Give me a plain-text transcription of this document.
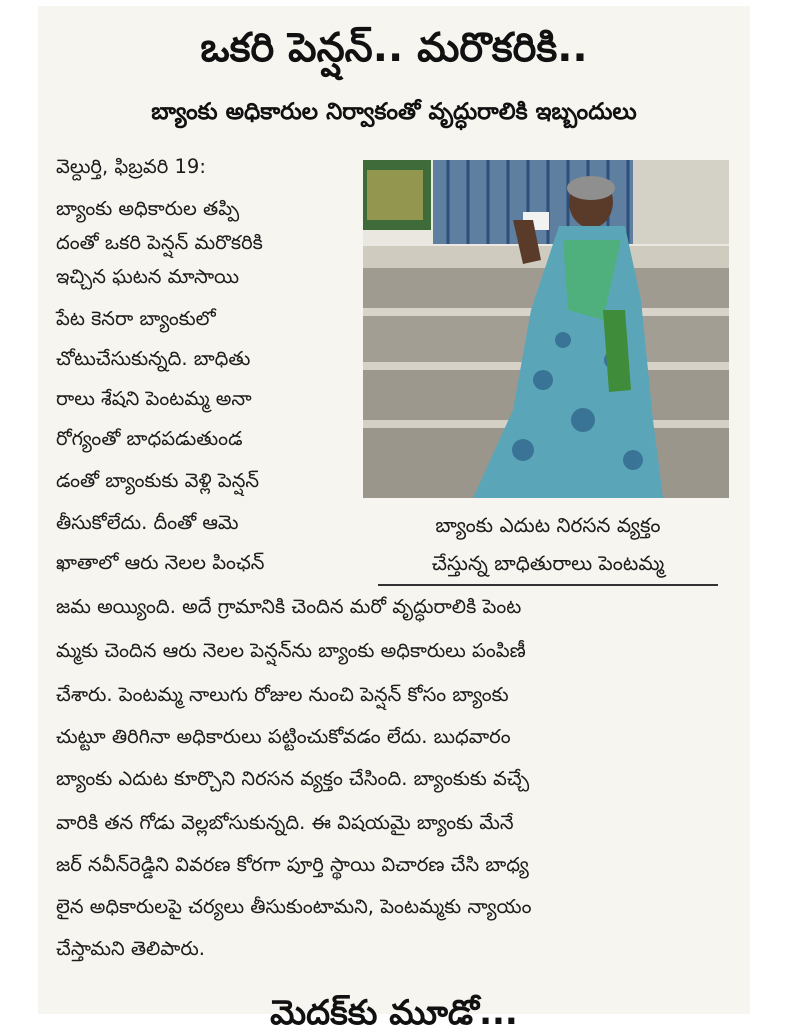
ఒకరి పెన్షన్.. మరొకరికి..
బ్యాంకు అధికారుల నిర్వాకంతో వృద్ధురాలికి ఇబ్బందులు
వెల్దుర్తి, ఫిబ్రవరి 19:
బ్యాంకు అధికారుల తప్పి
దంతో ఒకరి పెన్షన్ మరొకరికి
ఇచ్చిన ఘటన మాసాయి
పేట కెనరా బ్యాంకులో
చోటుచేసుకున్నది. బాధితు
రాలు శేషని పెంటమ్మ అనా
రోగ్యంతో బాధపడుతుండ
డంతో బ్యాంకుకు వెళ్లి పెన్షన్
తీసుకోలేదు. దీంతో ఆమె
ఖాతాలో ఆరు నెలల పింఛన్
బ్యాంకు ఎదుట నిరసన వ్యక్తం
చేస్తున్న బాధితురాలు పెంటమ్మ
జమ అయ్యింది. అదే గ్రామానికి చెందిన మరో వృద్ధురాలికి పెంట
మ్మకు చెందిన ఆరు నెలల పెన్షన్‌ను బ్యాంకు అధికారులు పంపిణీ
చేశారు. పెంటమ్మ నాలుగు రోజుల నుంచి పెన్షన్ కోసం బ్యాంకు
చుట్టూ తిరిగినా అధికారులు పట్టించుకోవడం లేదు. బుధవారం
బ్యాంకు ఎదుట కూర్చొని నిరసన వ్యక్తం చేసింది. బ్యాంకుకు వచ్చే
వారికి తన గోడు వెల్లబోసుకున్నది. ఈ విషయమై బ్యాంకు మేనే
జర్ నవీన్‌రెడ్డిని వివరణ కోరగా పూర్తి స్థాయి విచారణ చేసి బాధ్య
లైన అధికారులపై చర్యలు తీసుకుంటామని, పెంటమ్మకు న్యాయం
చేస్తామని తెలిపారు.
మెదక్‌కు మూడో...
